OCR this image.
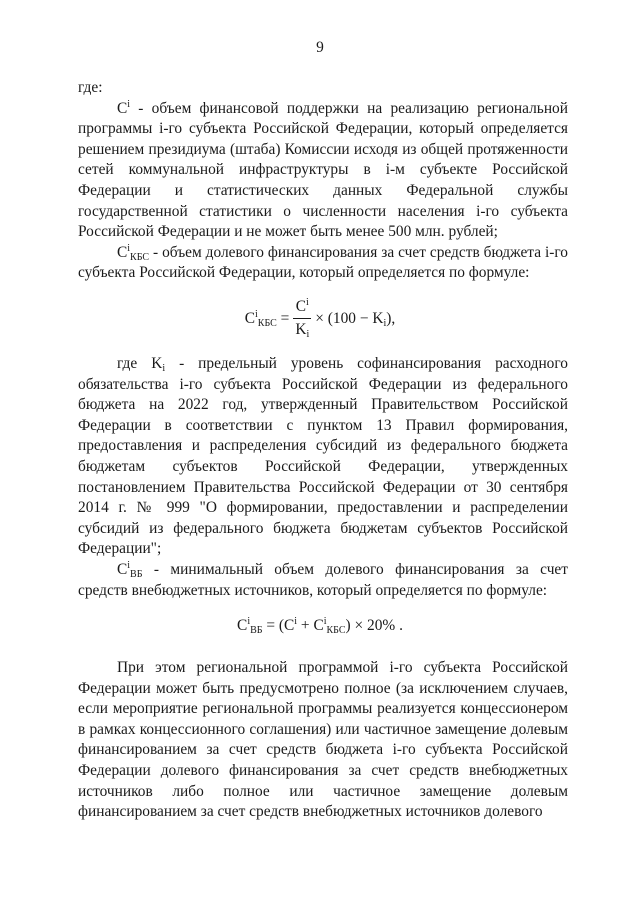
9

где:

$C^i$ - объем финансовой поддержки на реализацию региональной программы i-го субъекта Российской Федерации, который определяется решением президиума (штаба) Комиссии исходя из общей протяженности сетей коммунальной инфраструктуры в i-м субъекте Российской Федерации и статистических данных Федеральной службы государственной статистики о численности населения i-го субъекта Российской Федерации и не может быть менее 500 млн. рублей;

$C^i_{КБС}$ - объем долевого финансирования за счет средств бюджета i-го субъекта Российской Федерации, который определяется по формуле:

$C^i_{КБС} = \frac{C^i}{K_i} \times (100 - K_i)$,

где $K_i$ - предельный уровень софинансирования расходного обязательства i-го субъекта Российской Федерации из федерального бюджета на 2022 год, утвержденный Правительством Российской Федерации в соответствии с пунктом 13 Правил формирования, предоставления и распределения субсидий из федерального бюджета бюджетам субъектов Российской Федерации, утвержденных постановлением Правительства Российской Федерации от 30 сентября 2014 г. № 999 "О формировании, предоставлении и распределении субсидий из федерального бюджета бюджетам субъектов Российской Федерации";

$C^i_{ВБ}$ - минимальный объем долевого финансирования за счет средств внебюджетных источников, который определяется по формуле:

$C^i_{ВБ} = (C^i + C^i_{КБС}) \times 20\%$ .

При этом региональной программой i-го субъекта Российской Федерации может быть предусмотрено полное (за исключением случаев, если мероприятие региональной программы реализуется концессионером в рамках концессионного соглашения) или частичное замещение долевым финансированием за счет средств бюджета i-го субъекта Российской Федерации долевого финансирования за счет средств внебюджетных источников либо полное или частичное замещение долевым финансированием за счет средств внебюджетных источников долевого
